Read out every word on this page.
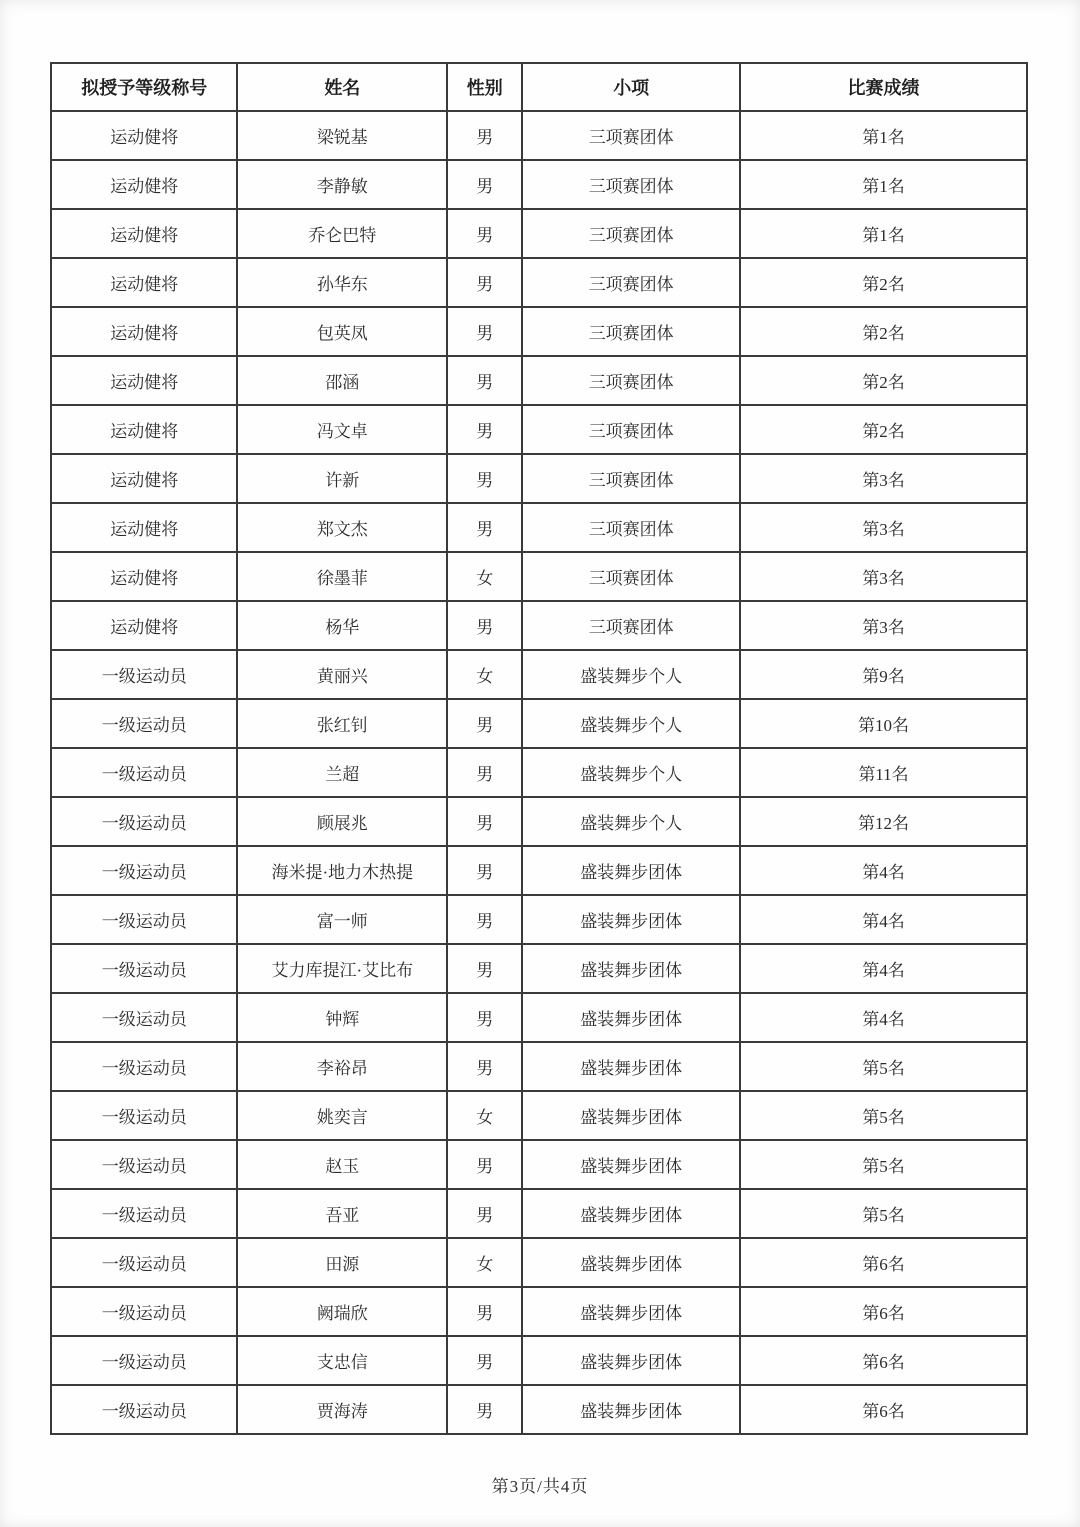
拟授予等级称号	姓名	性别	小项	比赛成绩
运动健将	梁锐基	男	三项赛团体	第1名
运动健将	李静敏	男	三项赛团体	第1名
运动健将	乔仑巴特	男	三项赛团体	第1名
运动健将	孙华东	男	三项赛团体	第2名
运动健将	包英凤	男	三项赛团体	第2名
运动健将	邵涵	男	三项赛团体	第2名
运动健将	冯文卓	男	三项赛团体	第2名
运动健将	许新	男	三项赛团体	第3名
运动健将	郑文杰	男	三项赛团体	第3名
运动健将	徐墨菲	女	三项赛团体	第3名
运动健将	杨华	男	三项赛团体	第3名
一级运动员	黄丽兴	女	盛装舞步个人	第9名
一级运动员	张红钊	男	盛装舞步个人	第10名
一级运动员	兰超	男	盛装舞步个人	第11名
一级运动员	顾展兆	男	盛装舞步个人	第12名
一级运动员	海米提·地力木热提	男	盛装舞步团体	第4名
一级运动员	富一师	男	盛装舞步团体	第4名
一级运动员	艾力库提江·艾比布	男	盛装舞步团体	第4名
一级运动员	钟辉	男	盛装舞步团体	第4名
一级运动员	李裕昂	男	盛装舞步团体	第5名
一级运动员	姚奕言	女	盛装舞步团体	第5名
一级运动员	赵玉	男	盛装舞步团体	第5名
一级运动员	吾亚	男	盛装舞步团体	第5名
一级运动员	田源	女	盛装舞步团体	第6名
一级运动员	阙瑞欣	男	盛装舞步团体	第6名
一级运动员	支忠信	男	盛装舞步团体	第6名
一级运动员	贾海涛	男	盛装舞步团体	第6名
第3页/共4页
